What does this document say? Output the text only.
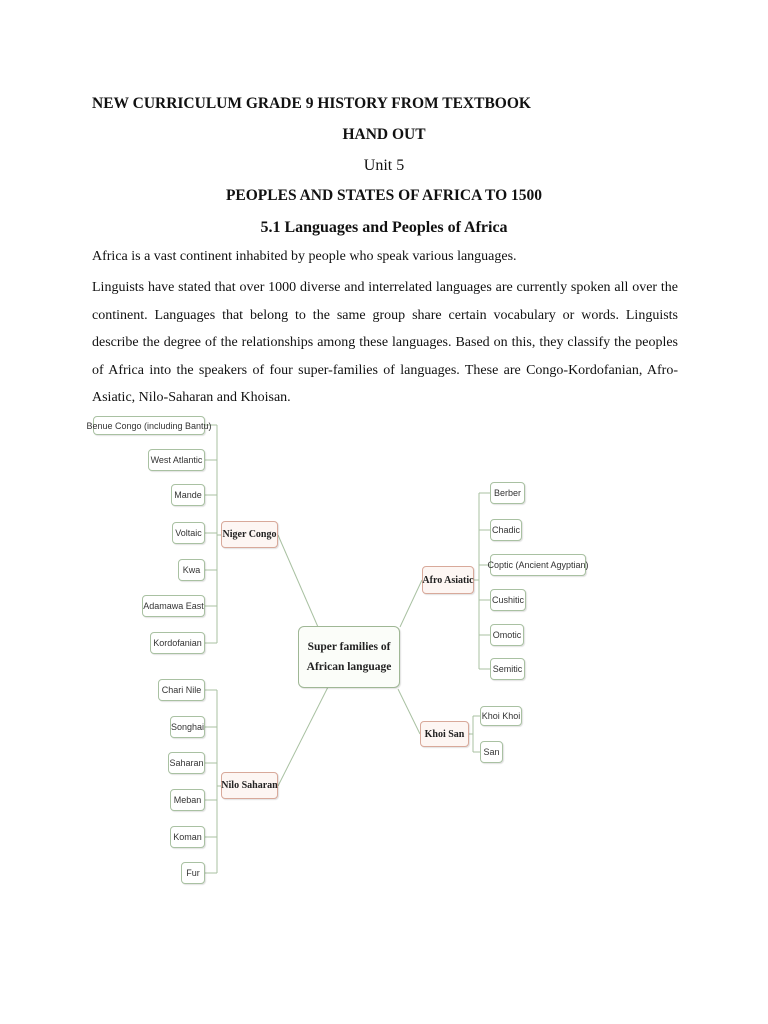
NEW CURRICULUM GRADE 9 HISTORY FROM TEXTBOOK
HAND OUT
Unit 5
PEOPLES AND STATES OF AFRICA TO 1500
5.1 Languages and Peoples of Africa

Africa is a vast continent inhabited by people who speak various languages.

Linguists have stated that over 1000 diverse and interrelated languages are currently spoken all over the continent. Languages that belong to the same group share certain vocabulary or words. Linguists describe the degree of the relationships among these languages. Based on this, they classify the peoples of Africa into the speakers of four super-families of languages. These are Congo-Kordofanian, Afro-Asiatic, Nilo-Saharan and Khoisan.

Super families of African language
Niger Congo
Afro Asiatic
Nilo Saharan
Khoi San
Benue Congo (including Bantu)
West Atlantic
Mande
Voltaic
Kwa
Adamawa East
Kordofanian
Chari Nile
Songhai
Saharan
Meban
Koman
Fur
Berber
Chadic
Coptic (Ancient Agyptian)
Cushitic
Omotic
Semitic
Khoi Khoi
San
